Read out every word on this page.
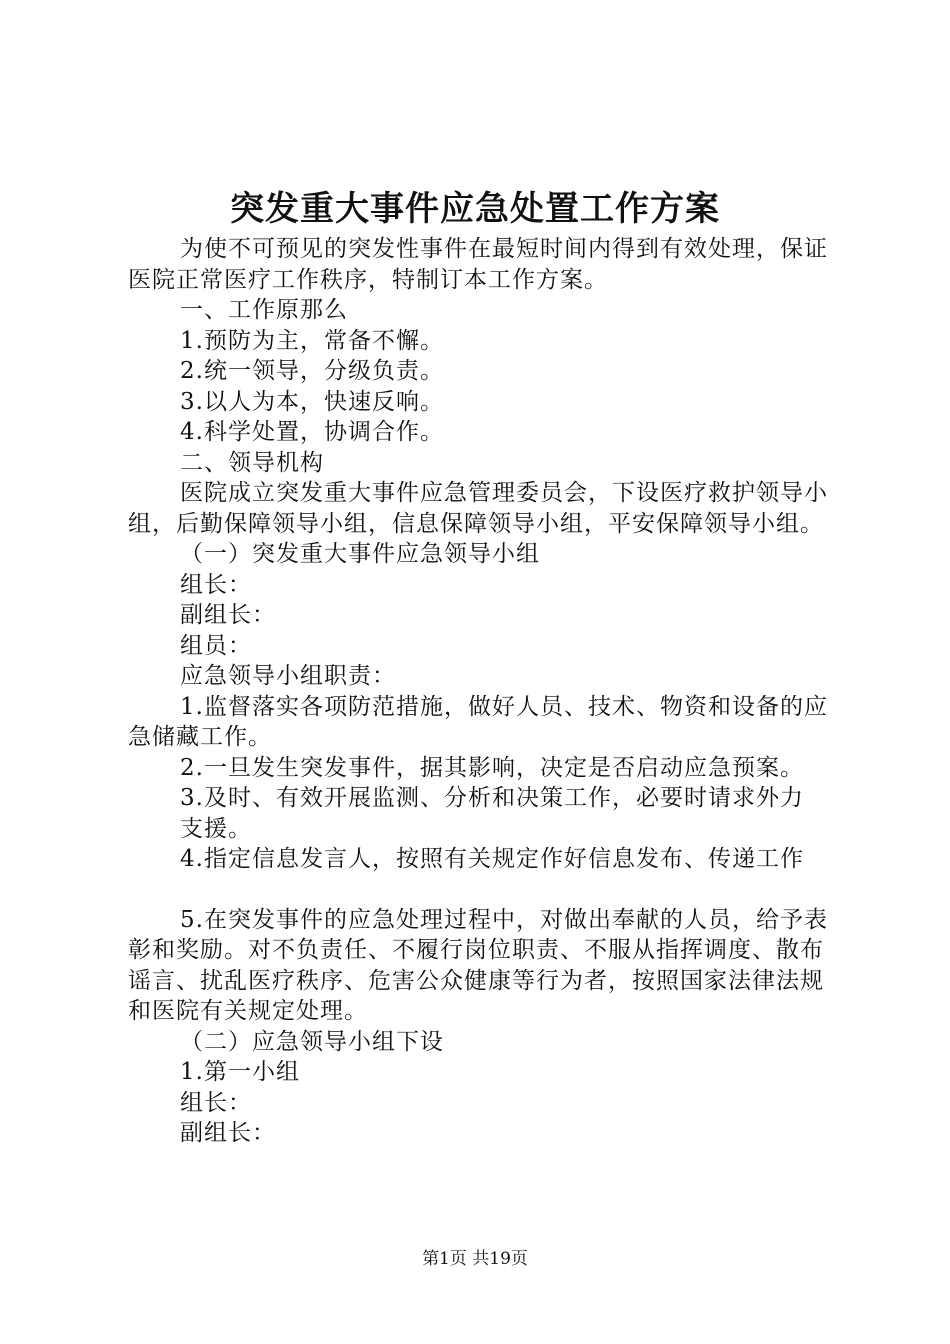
突发重大事件应急处置工作方案

为使不可预见的突发性事件在最短时间内得到有效处理，保证医院正常医疗工作秩序，特制订本工作方案。

一、工作原那么

1.预防为主，常备不懈。

2.统一领导，分级负责。

3.以人为本，快速反响。

4.科学处置，协调合作。

二、领导机构

医院成立突发重大事件应急管理委员会，下设医疗救护领导小组，后勤保障领导小组，信息保障领导小组，平安保障领导小组。

（一）突发重大事件应急领导小组

组长：

副组长：

组员：

应急领导小组职责：

1.监督落实各项防范措施，做好人员、技术、物资和设备的应急储藏工作。

2.一旦发生突发事件，据其影响，决定是否启动应急预案。

3.及时、有效开展监测、分析和决策工作，必要时请求外力

支援。

4.指定信息发言人，按照有关规定作好信息发布、传递工作

5.在突发事件的应急处理过程中，对做出奉献的人员，给予表彰和奖励。对不负责任、不履行岗位职责、不服从指挥调度、散布谣言、扰乱医疗秩序、危害公众健康等行为者，按照国家法律法规和医院有关规定处理。

（二）应急领导小组下设

1.第一小组

组长：

副组长：

第1页 共19页
